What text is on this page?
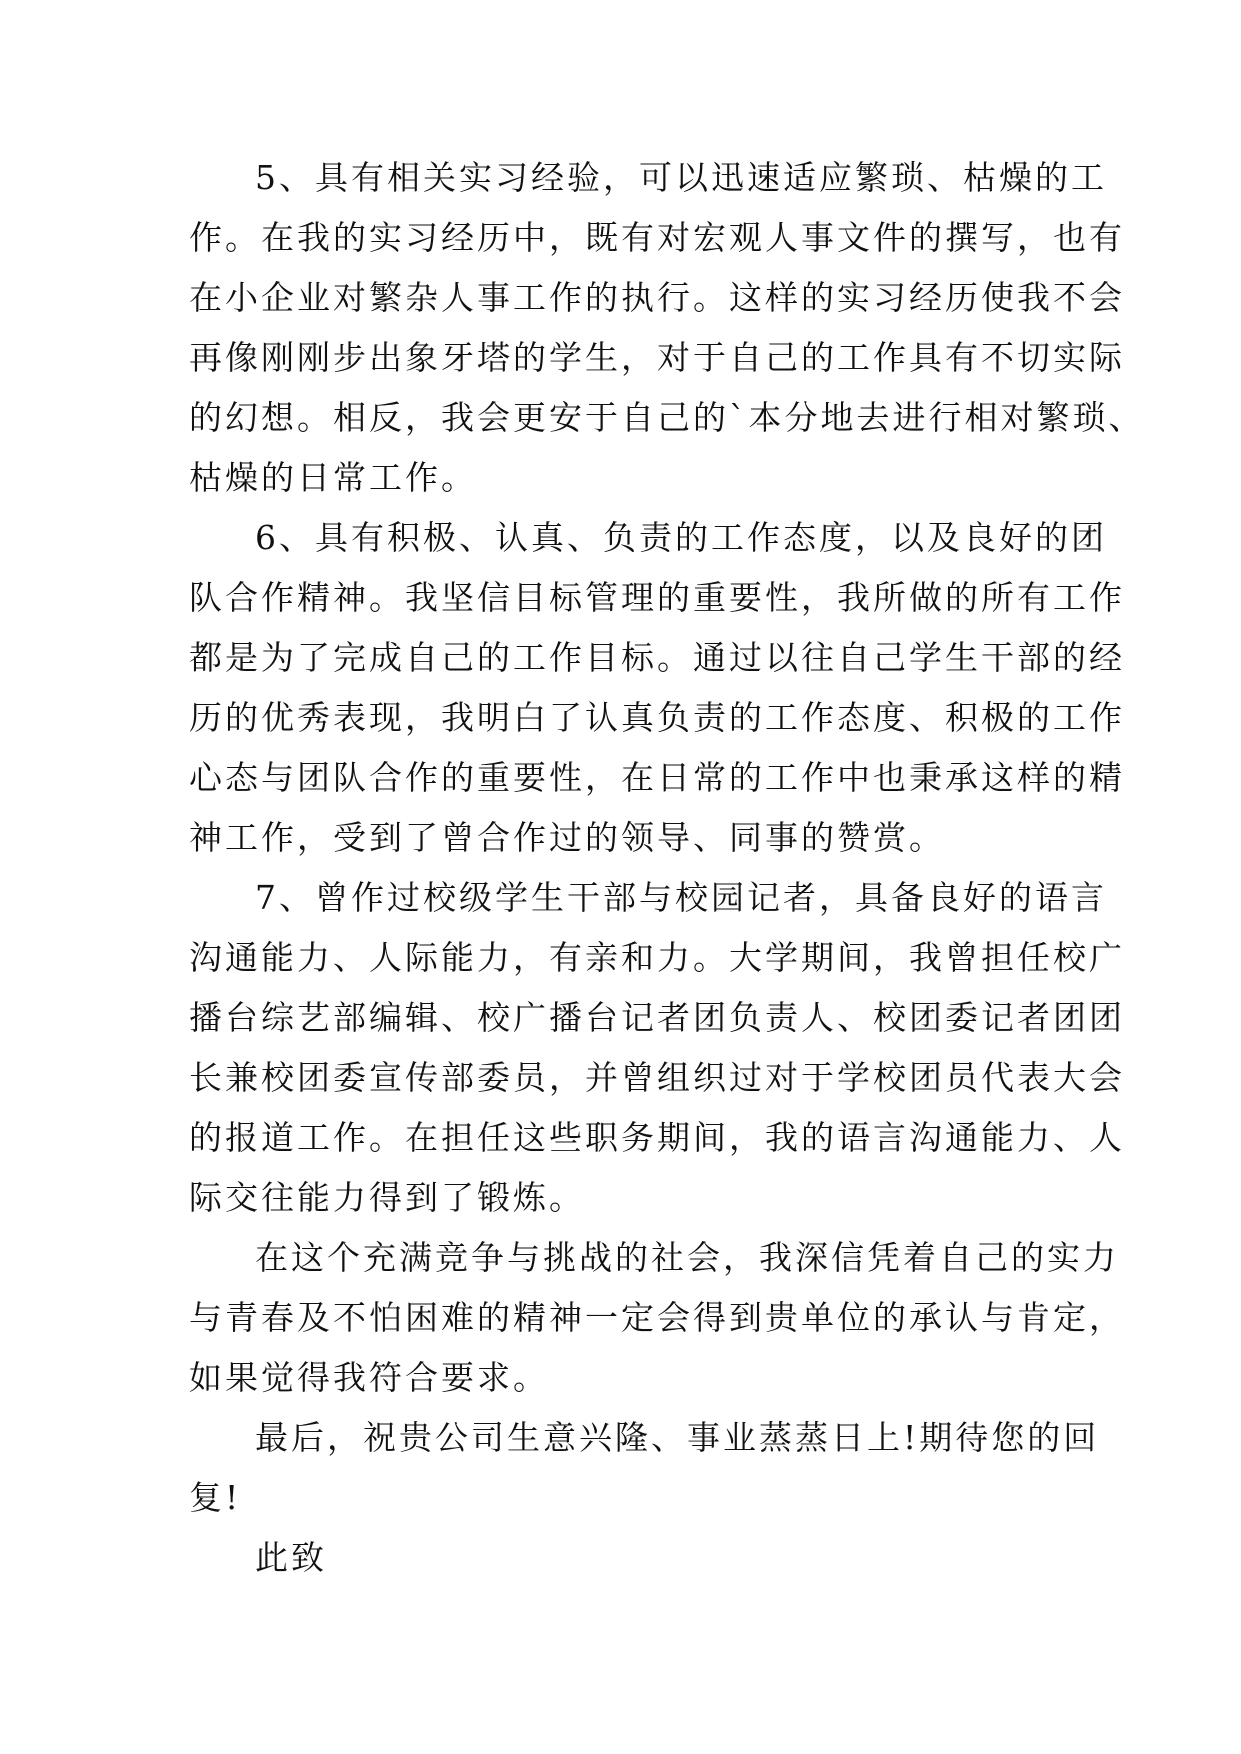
5、具有相关实习经验，可以迅速适应繁琐、枯燥的工
作。在我的实习经历中，既有对宏观人事文件的撰写，也有
在小企业对繁杂人事工作的执行。这样的实习经历使我不会
再像刚刚步出象牙塔的学生，对于自己的工作具有不切实际
的幻想。相反，我会更安于自己的`本分地去进行相对繁琐、
枯燥的日常工作。
6、具有积极、认真、负责的工作态度，以及良好的团
队合作精神。我坚信目标管理的重要性，我所做的所有工作
都是为了完成自己的工作目标。通过以往自己学生干部的经
历的优秀表现，我明白了认真负责的工作态度、积极的工作
心态与团队合作的重要性，在日常的工作中也秉承这样的精
神工作，受到了曾合作过的领导、同事的赞赏。
7、曾作过校级学生干部与校园记者，具备良好的语言
沟通能力、人际能力，有亲和力。大学期间，我曾担任校广
播台综艺部编辑、校广播台记者团负责人、校团委记者团团
长兼校团委宣传部委员，并曾组织过对于学校团员代表大会
的报道工作。在担任这些职务期间，我的语言沟通能力、人
际交往能力得到了锻炼。
在这个充满竞争与挑战的社会，我深信凭着自己的实力
与青春及不怕困难的精神一定会得到贵单位的承认与肯定，
如果觉得我符合要求。
最后，祝贵公司生意兴隆、事业蒸蒸日上!期待您的回
复!
此致
